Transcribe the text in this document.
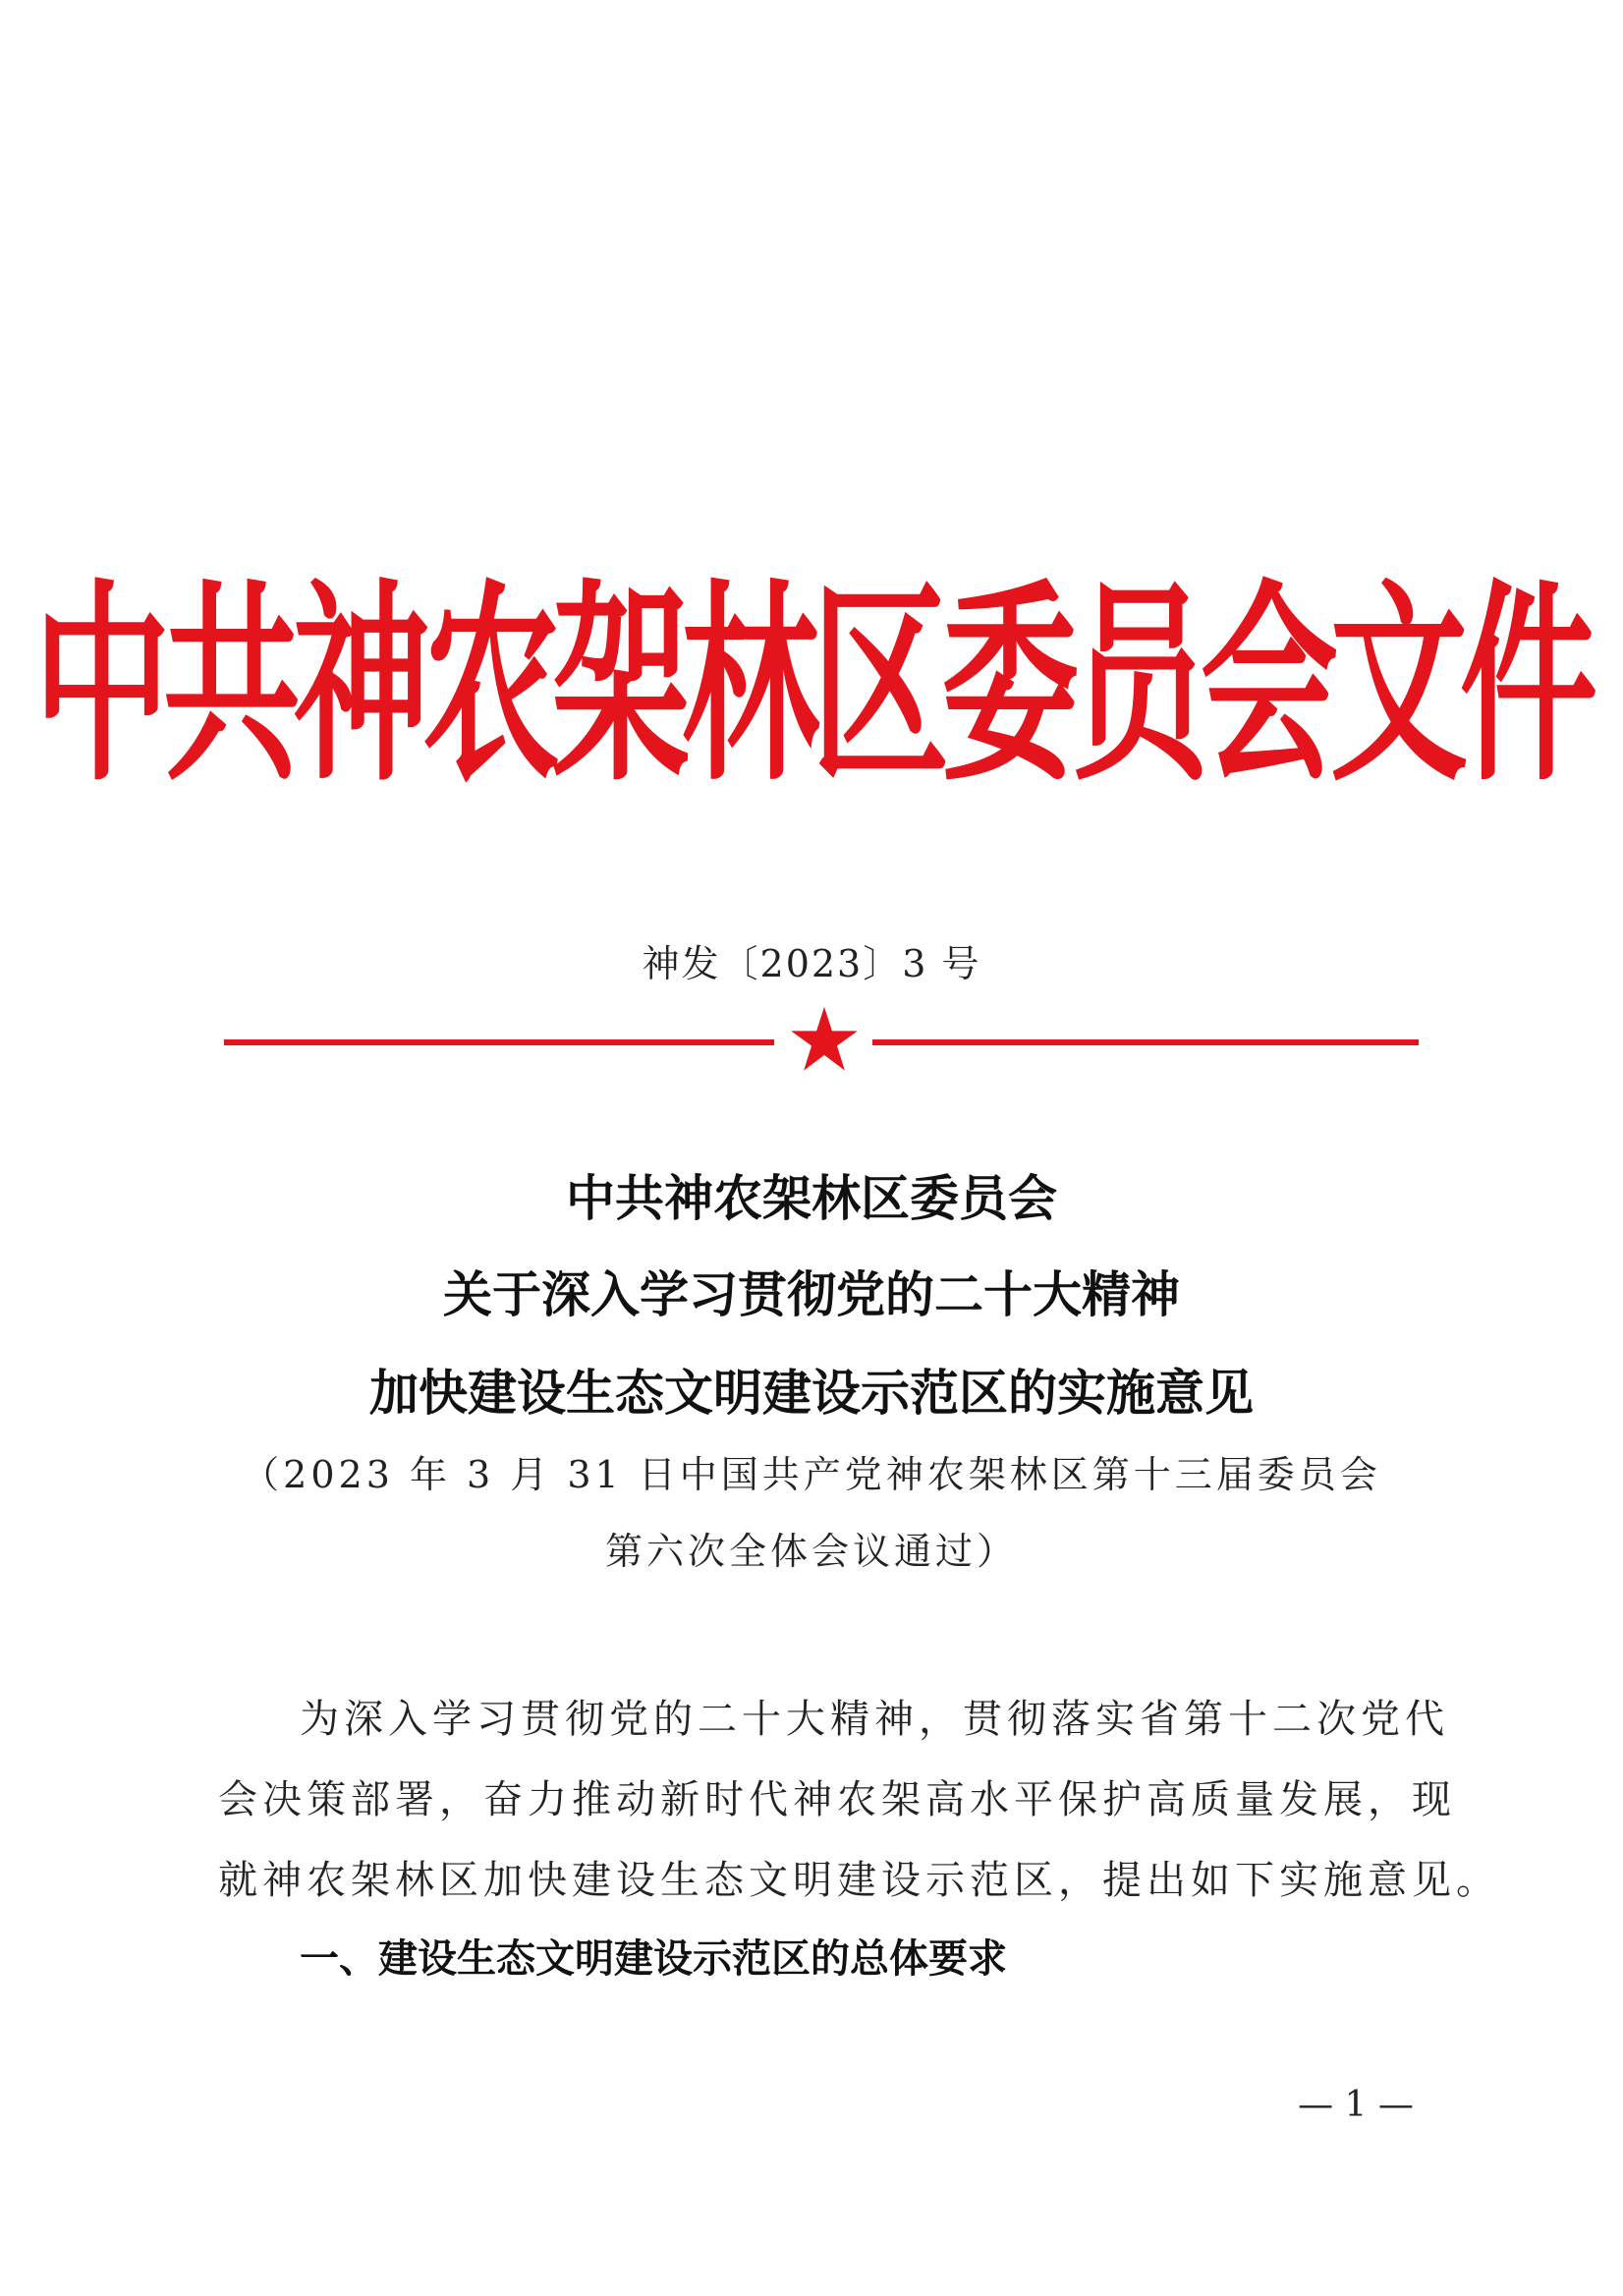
中共神农架林区委员会文件
神发〔2023〕3 号
中共神农架林区委员会
关于深入学习贯彻党的二十大精神
加快建设生态文明建设示范区的实施意见
（2023 年 3 月 31 日中国共产党神农架林区第十三届委员会
第六次全体会议通过）
为深入学习贯彻党的二十大精神，贯彻落实省第十二次党代
会决策部署，奋力推动新时代神农架高水平保护高质量发展，现
就神农架林区加快建设生态文明建设示范区，提出如下实施意见。
一、建设生态文明建设示范区的总体要求
— 1 —
